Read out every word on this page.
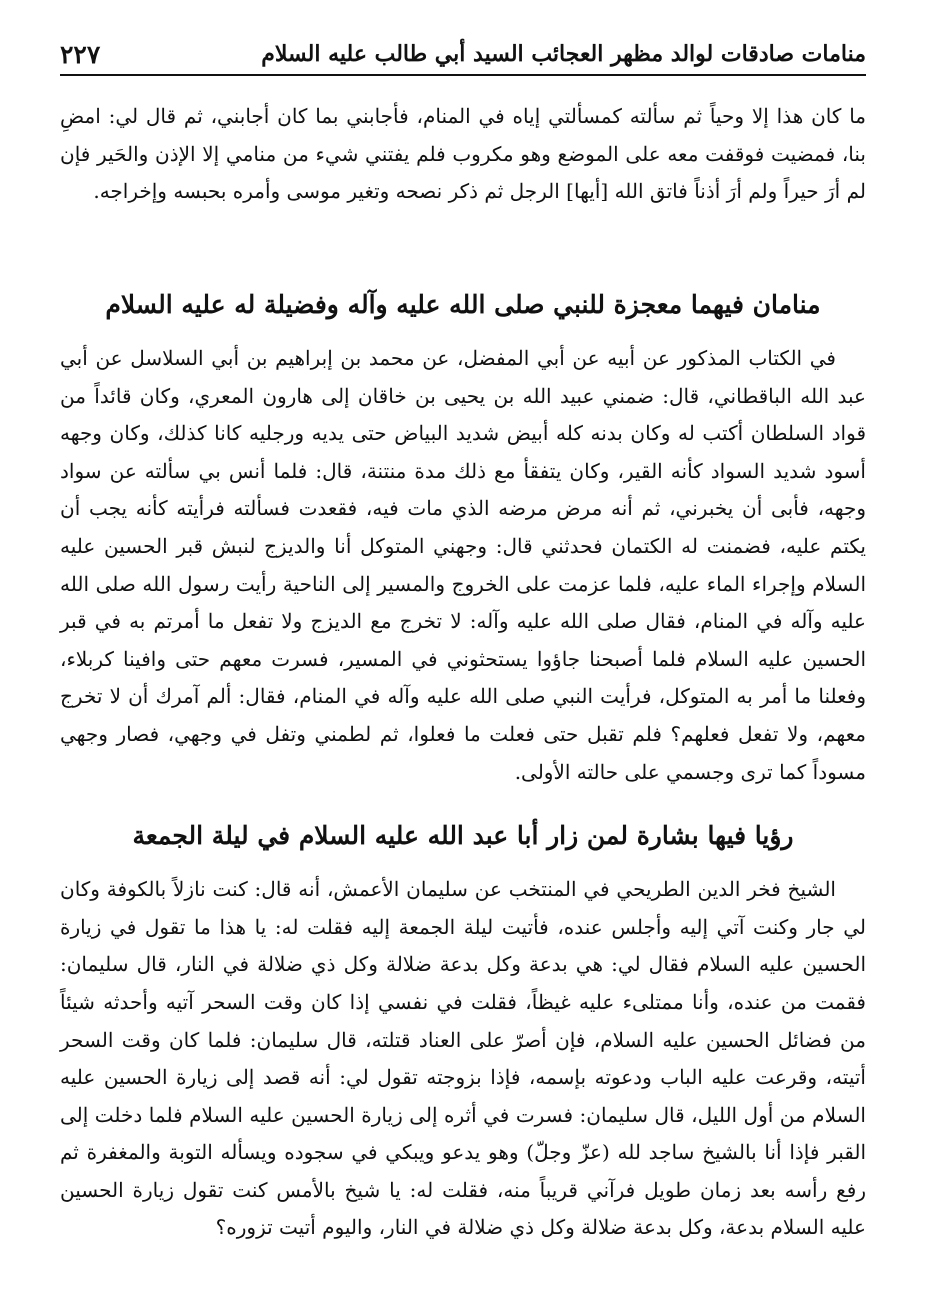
٢٢٧	منامات صادقات لوالد مظهر العجائب السيد أبي طالب عليه السلام

ما كان هذا إلا وحياً ثم سألته كمسألتي إياه في المنام، فأجابني بما كان أجابني، ثم قال لي: امضِ بنا، فمضيت فوقفت معه على الموضع وهو مكروب فلم يفتني شيء من منامي إلا الإذن والحَير فإن لم أرَ حيراً ولم أرَ أذناً فاتق الله [أيها] الرجل ثم ذكر نصحه وتغير موسى وأمره بحبسه وإخراجه.

منامان فيهما معجزة للنبي صلى الله عليه وآله وفضيلة له عليه السلام

في الكتاب المذكور عن أبيه عن أبي المفضل، عن محمد بن إبراهيم بن أبي السلاسل عن أبي عبد الله الباقطاني، قال: ضمني عبيد الله بن يحيى بن خاقان إلى هارون المعري، وكان قائداً من قواد السلطان أكتب له وكان بدنه كله أبيض شديد البياض حتى يديه ورجليه كانا كذلك، وكان وجهه أسود شديد السواد كأنه القير، وكان يتفقأ مع ذلك مدة منتنة، قال: فلما أنس بي سألته عن سواد وجهه، فأبى أن يخبرني، ثم أنه مرض مرضه الذي مات فيه، فقعدت فسألته فرأيته كأنه يجب أن يكتم عليه، فضمنت له الكتمان فحدثني قال: وجهني المتوكل أنا والديزج لنبش قبر الحسين عليه السلام وإجراء الماء عليه، فلما عزمت على الخروج والمسير إلى الناحية رأيت رسول الله صلى الله عليه وآله في المنام، فقال صلى الله عليه وآله: لا تخرج مع الديزج ولا تفعل ما أمرتم به في قبر الحسين عليه السلام فلما أصبحنا جاؤوا يستحثوني في المسير، فسرت معهم حتى وافينا كربلاء، وفعلنا ما أمر به المتوكل، فرأيت النبي صلى الله عليه وآله في المنام، فقال: ألم آمرك أن لا تخرج معهم، ولا تفعل فعلهم؟ فلم تقبل حتى فعلت ما فعلوا، ثم لطمني وتفل في وجهي، فصار وجهي مسوداً كما ترى وجسمي على حالته الأولى.

رؤيا فيها بشارة لمن زار أبا عبد الله عليه السلام في ليلة الجمعة

الشيخ فخر الدين الطريحي في المنتخب عن سليمان الأعمش، أنه قال: كنت نازلاً بالكوفة وكان لي جار وكنت آتي إليه وأجلس عنده، فأتيت ليلة الجمعة إليه فقلت له: يا هذا ما تقول في زيارة الحسين عليه السلام فقال لي: هي بدعة وكل بدعة ضلالة وكل ذي ضلالة في النار، قال سليمان: فقمت من عنده، وأنا ممتلىء عليه غيظاً، فقلت في نفسي إذا كان وقت السحر آتيه وأحدثه شيئاً من فضائل الحسين عليه السلام، فإن أصرّ على العناد قتلته، قال سليمان: فلما كان وقت السحر أتيته، وقرعت عليه الباب ودعوته بإسمه، فإذا بزوجته تقول لي: أنه قصد إلى زيارة الحسين عليه السلام من أول الليل، قال سليمان: فسرت في أثره إلى زيارة الحسين عليه السلام فلما دخلت إلى القبر فإذا أنا بالشيخ ساجد لله (عزّ وجلّ) وهو يدعو ويبكي في سجوده ويسأله التوبة والمغفرة ثم رفع رأسه بعد زمان طويل فرآني قريباً منه، فقلت له: يا شيخ بالأمس كنت تقول زيارة الحسين عليه السلام بدعة، وكل بدعة ضلالة وكل ذي ضلالة في النار، واليوم أتيت تزوره؟
